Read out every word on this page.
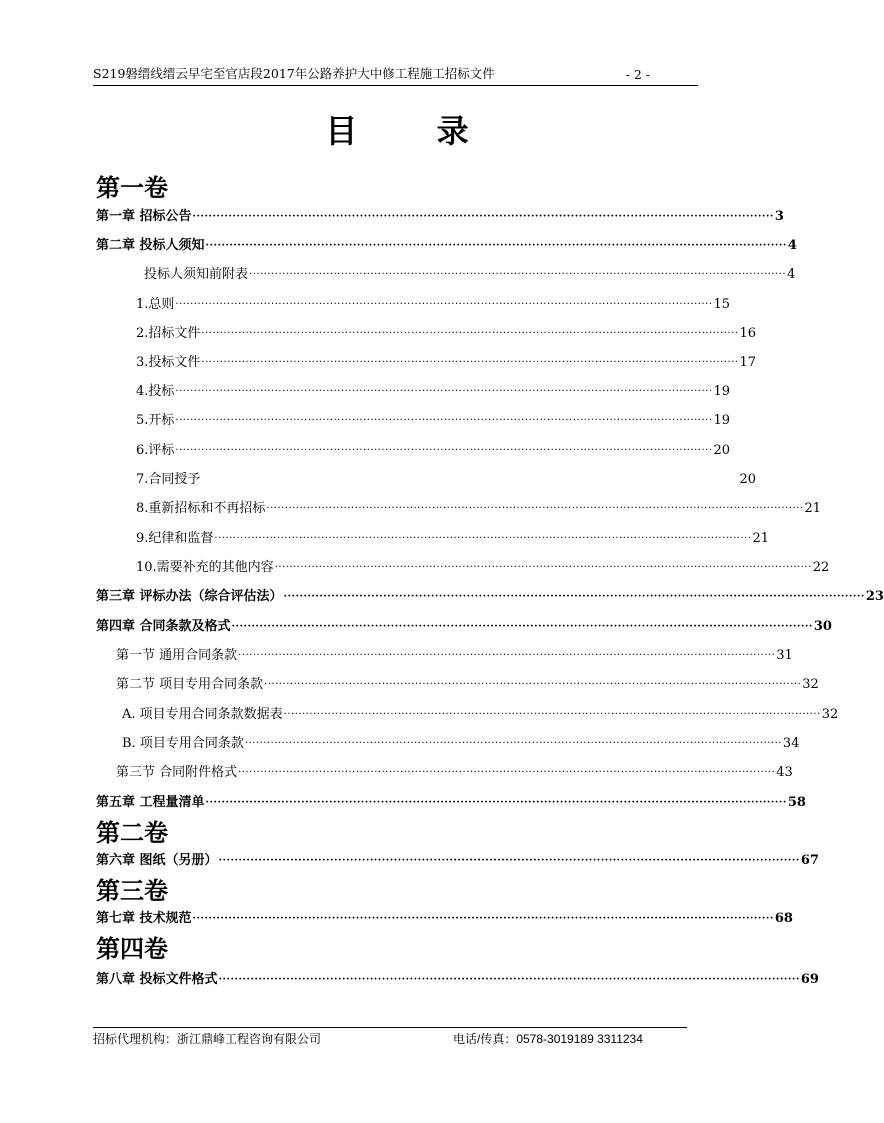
S219磐缙线缙云早宅至官店段2017年公路养护大中修工程施工招标文件	- 2 -
目 录
第一卷
第一章 招标公告 ·················································································································································· 3
第二章 投标人须知 ·················································································································································· 4
投标人须知前附表 ·················································································································································· 4
1.总则 ·················································································································································· 15
2.招标文件 ·················································································································································· 16
3.投标文件 ·················································································································································· 17
4.投标 ·················································································································································· 19
5.开标 ·················································································································································· 19
6.评标 ·················································································································································· 20
7.合同授予	20
8.重新招标和不再招标 ·················································································································································· 21
9.纪律和监督 ·················································································································································· 21
10.需要补充的其他内容 ·················································································································································· 22
第三章 评标办法（综合评估法） ·················································································································································· 23
第四章 合同条款及格式 ·················································································································································· 30
第一节 通用合同条款 ·················································································································································· 31
第二节 项目专用合同条款 ·················································································································································· 32
A. 项目专用合同条款数据表 ·················································································································································· 32
B. 项目专用合同条款 ·················································································································································· 34
第三节 合同附件格式 ·················································································································································· 43
第五章 工程量清单 ·················································································································································· 58
第二卷
第六章 图纸（另册） ·················································································································································· 67
第三卷
第七章 技术规范 ·················································································································································· 68
第四卷
第八章 投标文件格式 ·················································································································································· 69
招标代理机构：浙江鼎峰工程咨询有限公司	电话/传真：0578-3019189 3311234
